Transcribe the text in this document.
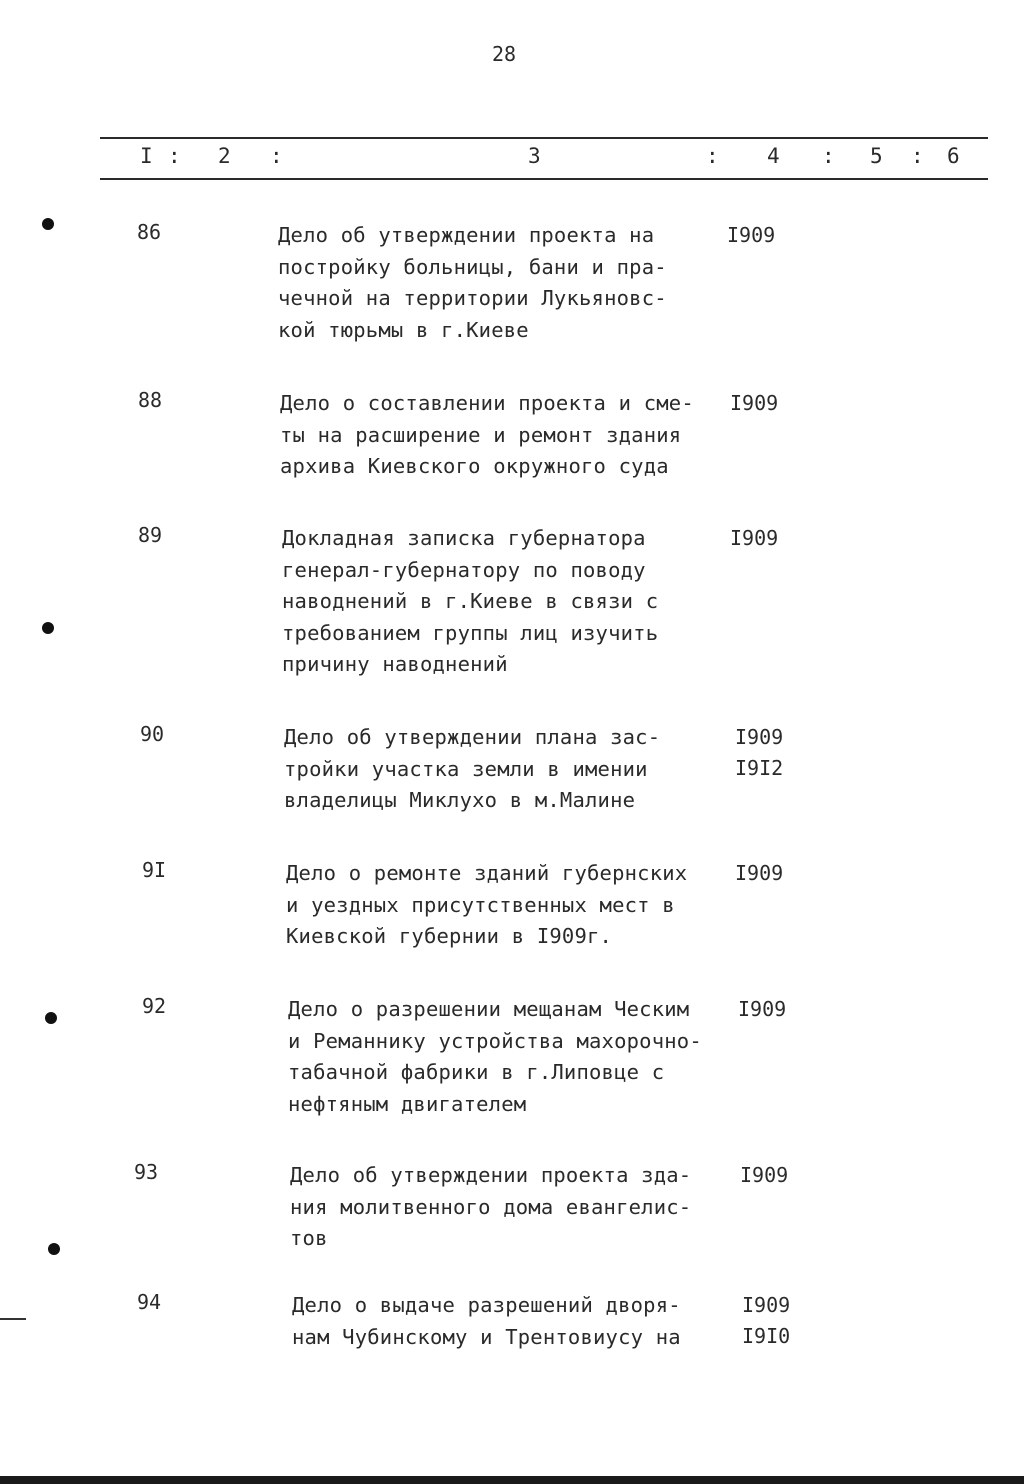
28
I : 2 :	3	: 4 : 5 : 6
86	Дело об утверждении проекта на
постройку больницы, бани и пра-
чечной на территории Лукьяновс-
кой тюрьмы в г.Киеве
I909
88	Дело о составлении проекта и сме-
ты на расширение и ремонт здания
архива Киевского окружного суда
I909
89	Докладная записка губернатора
генерал-губернатору по поводу
наводнений в г.Киеве в связи с
требованием группы лиц изучить
причину наводнений
I909
90	Дело об утверждении плана зас-
тройки участка земли в имении
владелицы Миклухо в м.Малине
I909
I9I2
9I	Дело о ремонте зданий губернских
и уездных присутственных мест в
Киевской губернии в I909г.
I909
92	Дело о разрешении мещанам Ческим
и Реманнику устройства махорочно-
табачной фабрики в г.Липовце с
нефтяным двигателем
I909
93	Дело об утверждении проекта зда-
ния молитвенного дома евангелис-
тов
I909
94	Дело о выдаче разрешений дворя-
нам Чубинскому и Трентовиусу на
I909
I9I0
